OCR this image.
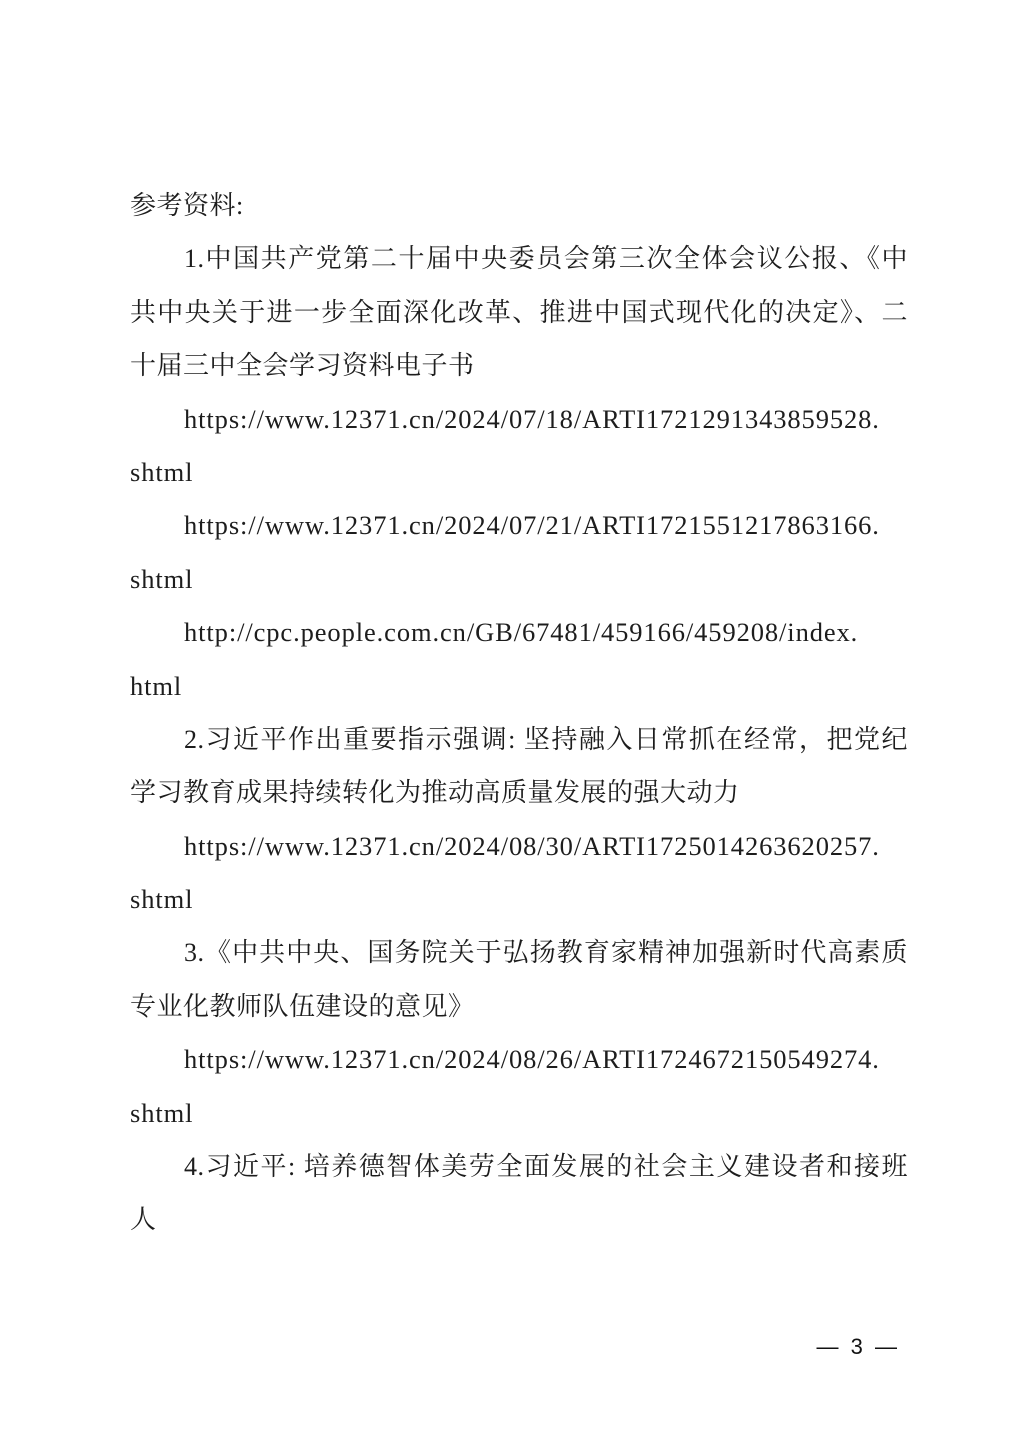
参考资料:
1.中国共产党第二十届中央委员会第三次全体会议公报、《中
共中央关于进一步全面深化改革、推进中国式现代化的决定》、二
十届三中全会学习资料电子书
https://www.12371.cn/2024/07/18/ARTI1721291343859528.
shtml
https://www.12371.cn/2024/07/21/ARTI1721551217863166.
shtml
http://cpc.people.com.cn/GB/67481/459166/459208/index.
html
2.习近平作出重要指示强调: 坚持融入日常抓在经常，把党纪
学习教育成果持续转化为推动高质量发展的强大动力
https://www.12371.cn/2024/08/30/ARTI1725014263620257.
shtml
3.《中共中央、国务院关于弘扬教育家精神加强新时代高素质
专业化教师队伍建设的意见》
https://www.12371.cn/2024/08/26/ARTI1724672150549274.
shtml
4.习近平: 培养德智体美劳全面发展的社会主义建设者和接班
人
— 3 —
